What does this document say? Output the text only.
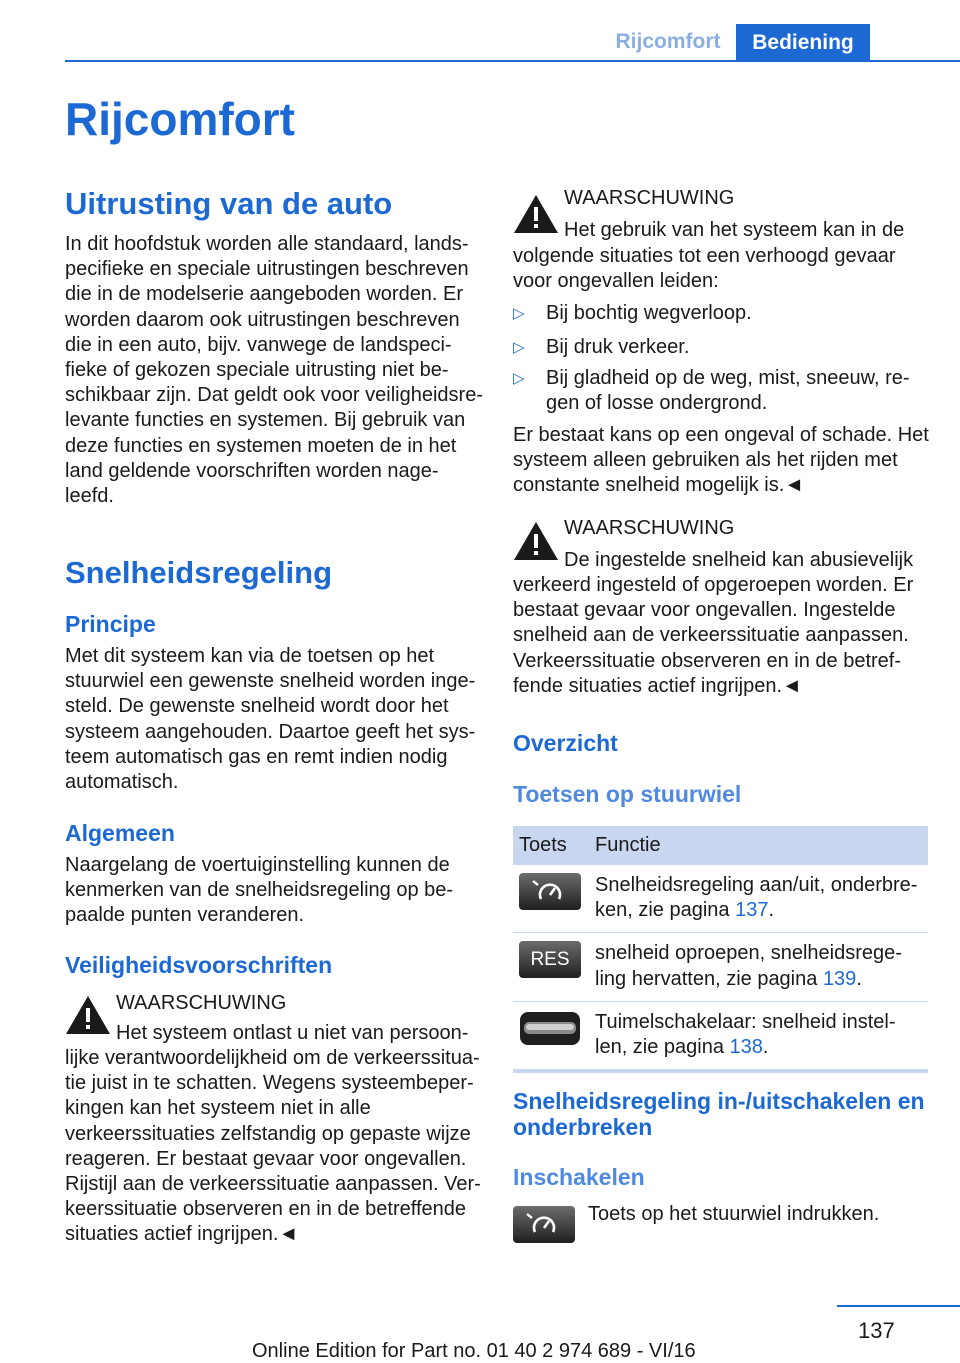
Rijcomfort	Bediening
Rijcomfort
Uitrusting van de auto
In dit hoofdstuk worden alle standaard, lands‐
pecifieke en speciale uitrustingen beschreven
die in de modelserie aangeboden worden. Er
worden daarom ook uitrustingen beschreven
die in een auto, bijv. vanwege de landspeci‐
fieke of gekozen speciale uitrusting niet be‐
schikbaar zijn. Dat geldt ook voor veiligheidsre‐
levante functies en systemen. Bij gebruik van
deze functies en systemen moeten de in het
land geldende voorschriften worden nage‐
leefd.
Snelheidsregeling
Principe
Met dit systeem kan via de toetsen op het
stuurwiel een gewenste snelheid worden inge‐
steld. De gewenste snelheid wordt door het
systeem aangehouden. Daartoe geeft het sys‐
teem automatisch gas en remt indien nodig
automatisch.
Algemeen
Naargelang de voertuiginstelling kunnen de
kenmerken van de snelheidsregeling op be‐
paalde punten veranderen.
Veiligheidsvoorschriften
WAARSCHUWING
Het systeem ontlast u niet van persoon‐
lijke verantwoordelijkheid om de verkeerssitua‐
tie juist in te schatten. Wegens systeembeper‐
kingen kan het systeem niet in alle
verkeerssituaties zelfstandig op gepaste wijze
reageren. Er bestaat gevaar voor ongevallen.
Rijstijl aan de verkeerssituatie aanpassen. Ver‐
keerssituatie observeren en in de betreffende
situaties actief ingrijpen.◄
WAARSCHUWING
Het gebruik van het systeem kan in de
volgende situaties tot een verhoogd gevaar
voor ongevallen leiden:
▷ Bij bochtig wegverloop.
▷ Bij druk verkeer.
▷ Bij gladheid op de weg, mist, sneeuw, re‐
gen of losse ondergrond.
Er bestaat kans op een ongeval of schade. Het
systeem alleen gebruiken als het rijden met
constante snelheid mogelijk is.◄
WAARSCHUWING
De ingestelde snelheid kan abusievelijk
verkeerd ingesteld of opgeroepen worden. Er
bestaat gevaar voor ongevallen. Ingestelde
snelheid aan de verkeerssituatie aanpassen.
Verkeerssituatie observeren en in de betref‐
fende situaties actief ingrijpen.◄
Overzicht
Toetsen op stuurwiel
Toets	Functie

Snelheidsregeling aan/uit, onderbre‐
ken, zie pagina 137.

RES	snelheid oproepen, snelheidsrege‐
ling hervatten, zie pagina 139.

Tuimelschakelaar: snelheid instel‐
len, zie pagina 138.
Snelheidsregeling in-/uitschakelen en
onderbreken
Inschakelen
Toets op het stuurwiel indrukken.
137
Online Edition for Part no. 01 40 2 974 689 - VI/16
